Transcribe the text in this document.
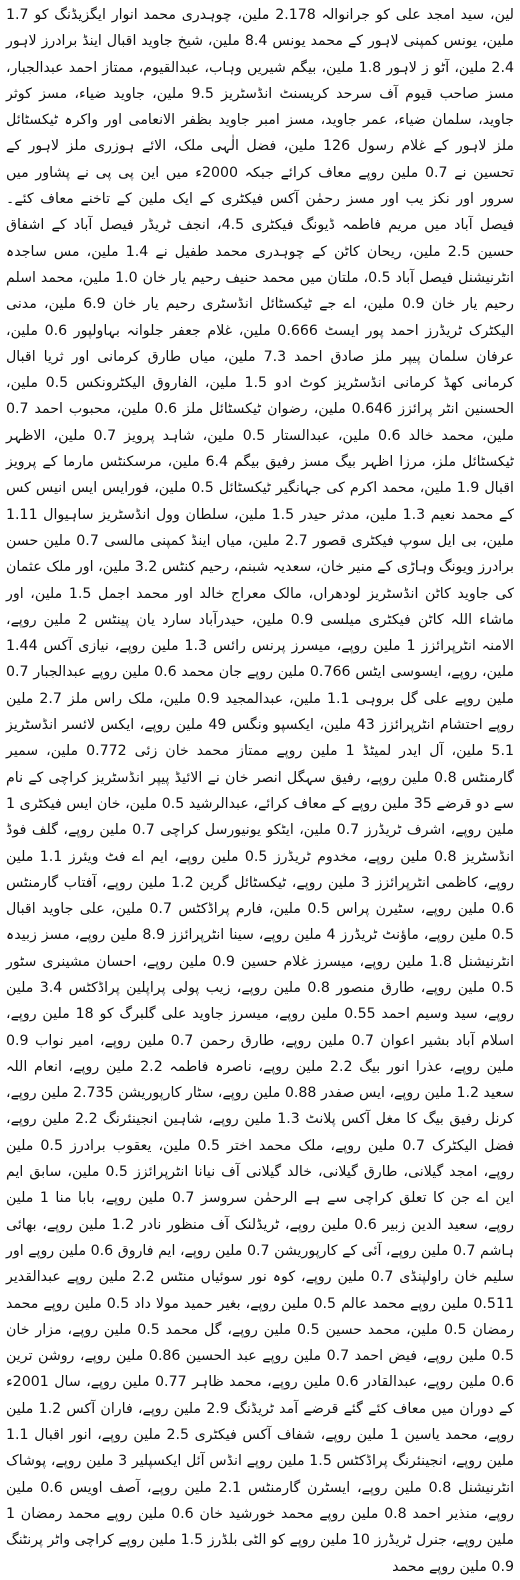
لین، سید امجد علی کو جرانوالہ 2.178 ملین، چوہدری محمد انوار ایگزیڈنگ کو 1.7 ملین، یونس کمپنی لاہور کے محمد یونس 8.4 ملین، شیخ جاوید اقبال اینڈ برادرز لاہور 2.4 ملین، آٹو ز لاہور 1.8 ملین، بیگم شیریں وہاب، عبدالقیوم، ممتاز احمد عبدالجبار، مسز صاحب قیوم آف سرحد کریسنٹ انڈسٹریز 9.5 ملین، جاوید ضیاء، مسز کوثر جاوید، سلمان ضیاء، عمر جاوید، مسز امبر جاوید بظفر الانعامی اور واکرہ ٹیکسٹائل ملز لاہور کے غلام رسول 126 ملین، فضل الٰہی ملک، الائے ہوزری ملز لاہور کے تحسین نے 0.7 ملین روپے معاف کرائے جبکہ 2000ء میں این پی پی نے پشاور میں سرور اور نکز یب اور مسز رحمٰن آکس فیکٹری کے ایک ملین کے تاخنے معاف کئے۔ فیصل آباد میں مریم فاطمہ ڈیونگ فیکٹری 4.5، انجف ٹریڈر فیصل آباد کے اشفاق حسین 2.5 ملین، ریحان کاٹن کے چوہدری محمد طفیل نے 1.4 ملین، مس ساجدہ انٹرنیشنل فیصل آباد 0.5، ملتان میں محمد حنیف رحیم یار خان 1.0 ملین، محمد اسلم رحیم یار خان 0.9 ملین، اے جے ٹیکسٹائل انڈسٹری رحیم یار خان 6.9 ملین، مدنی الیکٹرک ٹریڈرز احمد پور ایسٹ 0.666 ملین، غلام جعفر جلوانہ بہاولپور 0.6 ملین، عرفان سلمان پیپر ملز صادق احمد 7.3 ملین، میاں طارق کرمانی اور ثریا اقبال کرمانی کھڈ کرمانی انڈسٹریز کوٹ ادو 1.5 ملین، الفاروق الیکٹرونکس 0.5 ملین، الحسنین انٹر پرائزز 0.646 ملین، رضوان ٹیکسٹائل ملز 0.6 ملین، محبوب احمد 0.7 ملین، محمد خالد 0.6 ملین، عبدالستار 0.5 ملین، شاہد پرویز 0.7 ملین، الاظہر ٹیکسٹائل ملز، مرزا اظہر بیگ مسز رفیق بیگم 6.4 ملین، مرسکنٹس مارما کے پرویز اقبال 1.9 ملین، محمد اکرم کی جہانگیر ٹیکسٹائل 0.5 ملین، فورایس ایس انیس کس کے محمد نعیم 1.3 ملین، مدثر حیدر 1.5 ملین، سلطان وول انڈسٹریز ساہیوال 1.11 ملین، بی ایل سوپ فیکٹری قصور 2.7 ملین، میاں اینڈ کمپنی مالسی 0.7 ملین حسن برادرز ویونگ وہاڑی کے منیر خان، سعدیہ شبنم، رحیم کنٹس 3.2 ملین، اور ملک عثمان کی جاوید کاٹن انڈسٹریز لودھراں، مالک معراج خالد اور محمد اجمل 1.5 ملین، اور ماشاء اللہ کاٹن فیکٹری میلسی 0.9 ملین، حیدرآباد سارد یان پینٹس 2 ملین روپے، الامنہ انٹرپرائزز 1 ملین روپے، میسرز پرنس رائس 1.3 ملین روپے، نیازی آکس 1.44 ملین، روپے، ایسوسی ایٹس 0.766 ملین روپے جان محمد 0.6 ملین روپے عبدالجبار 0.7 ملین روپے علی گل بروہی 1.1 ملین، عبدالمجید 0.9 ملین، ملک راس ملز 2.7 ملین روپے احتشام انٹرپرائزز 43 ملین، ایکسپو ونگس 49 ملین روپے، ایکس لائسر انڈسٹریز 5.1 ملین، آل ایدر لمیٹڈ 1 ملین روپے ممتاز محمد خان زئی 0.772 ملین، سمیر گارمنٹس 0.8 ملین روپے، رفیق سہگل انصر خان نے الائیڈ پیپر انڈسٹریز کراچی کے نام سے دو قرضے 35 ملین روپے کے معاف کرائے، عبدالرشید 0.5 ملین، خان ایس فیکٹری 1 ملین روپے، اشرف ٹریڈرز 0.7 ملین، ایٹکو یونیورسل کراچی 0.7 ملین روپے، گلف فوڈ انڈسٹریز 0.8 ملین روپے، مخدوم ٹریڈرز 0.5 ملین روپے، ایم اے فٹ ویئرز 1.1 ملین روپے، کاظمی انٹرپرائزز 3 ملین روپے، ٹیکسٹائل گرین 1.2 ملین روپے، آفتاب گارمنٹس 0.6 ملین روپے، سٹیرن پراس 0.5 ملین، فارم پراڈکٹس 0.7 ملین، علی جاوید اقبال 0.5 ملین روپے، ماؤنٹ ٹریڈرز 4 ملین روپے، سینا انٹرپرائزز 8.9 ملین روپے، مسز زبیدہ انٹرنیشنل 1.8 ملین روپے، میسرز غلام حسین 0.9 ملین روپے، احسان مشینری سٹور 0.5 ملین روپے، طارق منصور 0.8 ملین روپے، زیب پولی پراپلین پراڈکٹس 3.4 ملین روپے، سید وسیم احمد 0.55 ملین روپے، میسرز جاوید علی گلبرگ کو 18 ملین روپے، اسلام آباد بشیر اعوان 0.7 ملین روپے، طارق رحمن 0.7 ملین روپے، امیر نواب 0.9 ملین روپے، عذرا انور بیگ 2.2 ملین روپے، ناصرہ فاطمہ 2.2 ملین روپے، انعام اللہ سعید 1.2 ملین روپے، ایس صفدر 0.88 ملین روپے، سٹار کارپوریشن 2.735 ملین روپے، کرنل رفیق بیگ کا مغل آکس پلانٹ 1.3 ملین روپے، شاہین انجینئرنگ 2.2 ملین روپے، فضل الیکٹرک 0.7 ملین روپے، ملک محمد اختر 0.5 ملین، یعقوب برادرز 0.5 ملین روپے، امجد گیلانی، طارق گیلانی، خالد گیلانی آف نیانا انٹرپرائزز 0.5 ملین، سابق ایم این اے جن کا تعلق کراچی سے ہے الرحمٰن سروسز 0.7 ملین روپے، بابا منا 1 ملین روپے، سعید الدین زبیر 0.6 ملین روپے، ٹریڈلنک آف منظور نادر 1.2 ملین روپے، بھائی ہاشم 0.7 ملین روپے، آئی کے کارپوریشن 0.7 ملین روپے، ایم فاروق 0.6 ملین روپے اور سلیم خان راولپنڈی 0.7 ملین روپے، کوہ نور سوئیاں منٹس 2.2 ملین روپے عبدالقدیر 0.511 ملین روپے محمد عالم 0.5 ملین روپے، بغیر حمید مولا داد 0.5 ملین روپے محمد رمضان 0.5 ملین، محمد حسین 0.5 ملین روپے، گل محمد 0.5 ملین روپے، مزار خان 0.5 ملین روپے، فیض احمد 0.7 ملین روپے عبد الحسین 0.86 ملین روپے، روشن ترین 0.6 ملین روپے، عبدالقادر 0.6 ملین روپے، محمد ظاہر 0.77 ملین روپے، سال 2001ء کے دوران میں معاف کئے گئے قرضے آمد ٹریڈنگ 2.9 ملین روپے، فاران آکس 1.2 ملین روپے، محمد یاسین 1 ملین روپے، شفاف آکس فیکٹری 2.5 ملین روپے، انور اقبال 1.1 ملین روپے، انجینئرنگ پراڈکٹس 1.5 ملین روپے انڈس آئل ایکسپلیر 3 ملین روپے، پوشاک انٹرنیشنل 0.8 ملین روپے، ایسٹرن گارمنٹس 2.1 ملین روپے، آصف اویس 0.6 ملین روپے، منذیر احمد 0.8 ملین روپے محمد خورشید خان 0.6 ملین روپے محمد رمضان 1 ملین روپے، جنرل ٹریڈرز 10 ملین روپے کو الٹی بلڈرز 1.5 ملین روپے کراچی واٹر پرنٹنگ 0.9 ملین روپے محمد
